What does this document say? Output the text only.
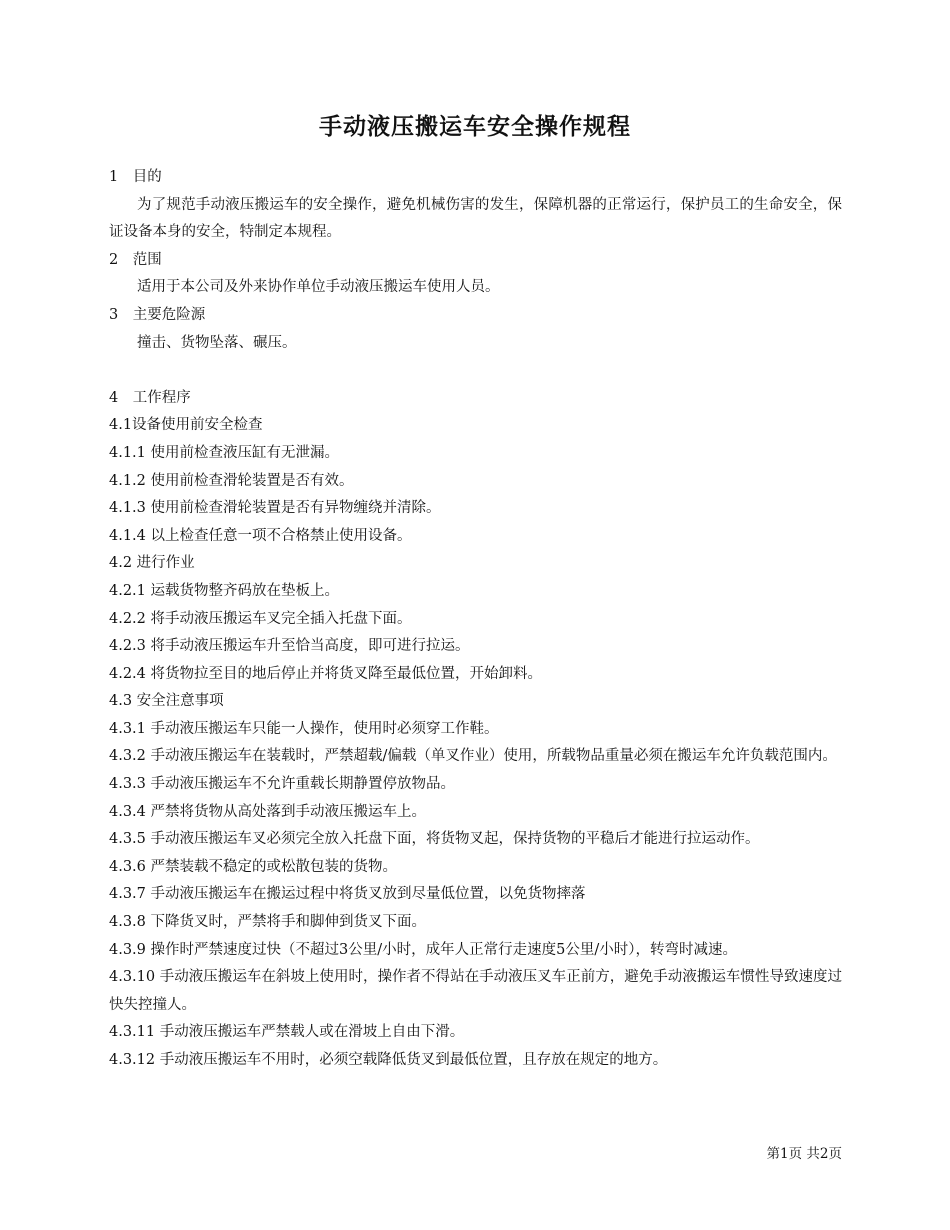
手动液压搬运车安全操作规程
1　目的
为了规范手动液压搬运车的安全操作，避免机械伤害的发生，保障机器的正常运行，保护员工的生命安全，保证设备本身的安全，特制定本规程。
2　范围
适用于本公司及外来协作单位手动液压搬运车使用人员。
3　主要危险源
撞击、货物坠落、碾压。
4　工作程序
4.1设备使用前安全检查
4.1.1 使用前检查液压缸有无泄漏。
4.1.2 使用前检查滑轮装置是否有效。
4.1.3 使用前检查滑轮装置是否有异物缠绕并清除。
4.1.4 以上检查任意一项不合格禁止使用设备。
4.2 进行作业
4.2.1 运载货物整齐码放在垫板上。
4.2.2 将手动液压搬运车叉完全插入托盘下面。
4.2.3 将手动液压搬运车升至恰当高度，即可进行拉运。
4.2.4 将货物拉至目的地后停止并将货叉降至最低位置，开始卸料。
4.3 安全注意事项
4.3.1 手动液压搬运车只能一人操作，使用时必须穿工作鞋。
4.3.2 手动液压搬运车在装载时，严禁超载/偏载（单叉作业）使用，所载物品重量必须在搬运车允许负载范围内。
4.3.3 手动液压搬运车不允许重载长期静置停放物品。
4.3.4 严禁将货物从高处落到手动液压搬运车上。
4.3.5 手动液压搬运车叉必须完全放入托盘下面，将货物叉起，保持货物的平稳后才能进行拉运动作。
4.3.6 严禁装载不稳定的或松散包装的货物。
4.3.7 手动液压搬运车在搬运过程中将货叉放到尽量低位置，以免货物摔落
4.3.8 下降货叉时，严禁将手和脚伸到货叉下面。
4.3.9 操作时严禁速度过快（不超过3公里/小时，成年人正常行走速度5公里/小时），转弯时减速。
4.3.10 手动液压搬运车在斜坡上使用时，操作者不得站在手动液压叉车正前方，避免手动液搬运车惯性导致速度过快失控撞人。
4.3.11 手动液压搬运车严禁载人或在滑坡上自由下滑。
4.3.12 手动液压搬运车不用时，必须空载降低货叉到最低位置，且存放在规定的地方。
第1页 共2页
